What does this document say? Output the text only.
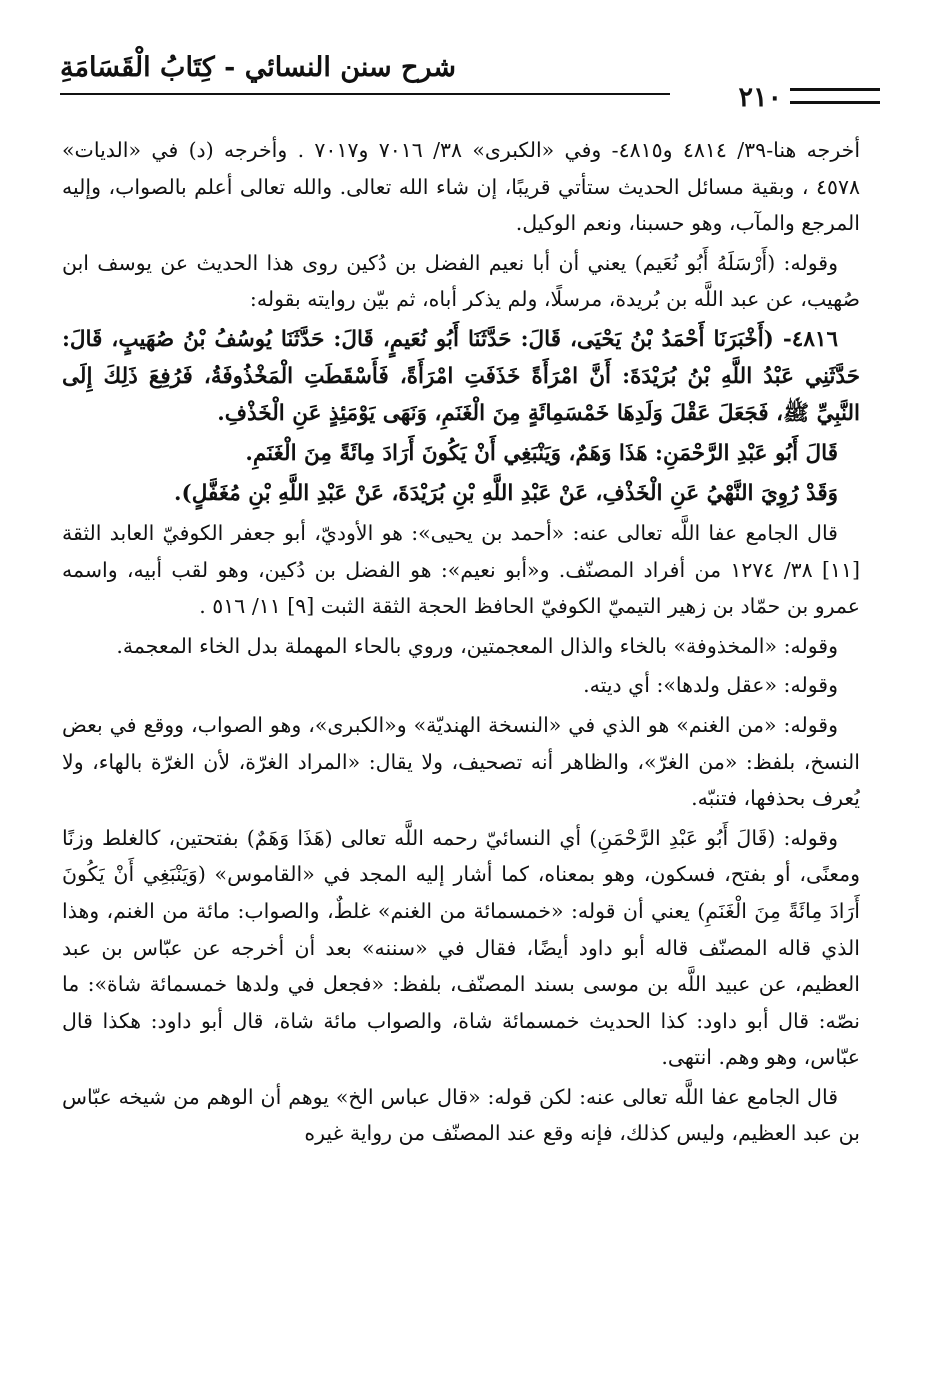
شرح سنن النسائي - كِتَابُ الْقَسَامَةِ
٢١٠

أخرجه هنا-٣٩/ ٤٨١٤ و٤٨١٥- وفي «الكبرى» ٣٨/ ٧٠١٦ و٧٠١٧ . وأخرجه (د) في «الديات» ٤٥٧٨ ، وبقية مسائل الحديث ستأتي قريبًا، إن شاء الله تعالى. والله تعالى أعلم بالصواب، وإليه المرجع والمآب، وهو حسبنا، ونعم الوكيل.

وقوله: (أَرْسَلَهُ أَبُو نُعَيم) يعني أن أبا نعيم الفضل بن دُكين روى هذا الحديث عن يوسف ابن صُهيب، عن عبد اللَّه بن بُريدة، مرسلًا، ولم يذكر أباه، ثم بيّن روايته بقوله:

٤٨١٦- (أَخْبَرَنَا أَحْمَدُ بْنُ يَحْيَى، قَالَ: حَدَّثَنَا أَبُو نُعَيمٍ، قَالَ: حَدَّثَنَا يُوسُفُ بْنُ صُهَيبٍ، قَالَ: حَدَّثَنِي عَبْدُ اللَّهِ بْنُ بُرَيْدَةَ: أَنَّ امْرَأَةً خَذَفَتِ امْرَأَةً، فَأَسْقَطَتِ الْمَخْذُوفَةُ، فَرُفِعَ ذَلِكَ إِلَى النَّبِيِّ ﷺ، فَجَعَلَ عَقْلَ وَلَدِهَا خَمْسَمِائَةٍ مِنَ الْغَنَمِ، وَنَهَى يَوْمَئِذٍ عَنِ الْخَذْفِ.

قَالَ أَبُو عَبْدِ الرَّحْمَنِ: هَذَا وَهَمٌ، وَيَنْبَغِي أَنْ يَكُونَ أَرَادَ مِائَةً مِنَ الْغَنَمِ.

وَقَدْ رُوِيَ النَّهْيُ عَنِ الْخَذْفِ، عَنْ عَبْدِ اللَّهِ بْنِ بُرَيْدَةَ، عَنْ عَبْدِ اللَّهِ بْنِ مُغَفَّلٍ).

قال الجامع عفا اللَّه تعالى عنه: «أحمد بن يحيى»: هو الأوديّ، أبو جعفر الكوفيّ العابد الثقة [١١] ٣٨/ ١٢٧٤ من أفراد المصنّف. و«أبو نعيم»: هو الفضل بن دُكين، وهو لقب أبيه، واسمه عمرو بن حمّاد بن زهير التيميّ الكوفيّ الحافظ الحجة الثقة الثبت [٩] ١١/ ٥١٦ .

وقوله: «المخذوفة» بالخاء والذال المعجمتين، وروي بالحاء المهملة بدل الخاء المعجمة.

وقوله: «عقل ولدها»: أي ديته.

وقوله: «من الغنم» هو الذي في «النسخة الهنديّة» و«الكبرى»، وهو الصواب، ووقع في بعض النسخ، بلفظ: «من الغرّ»، والظاهر أنه تصحيف، ولا يقال: «المراد الغرّة، لأن الغرّة بالهاء، ولا يُعرف بحذفها، فتنبّه.

وقوله: (قَالَ أَبُو عَبْدِ الرَّحْمَنِ) أي النسائيّ رحمه اللَّه تعالى (هَذَا وَهَمٌ) بفتحتين، كالغلط وزنًا ومعنًى، أو بفتح، فسكون، وهو بمعناه، كما أشار إليه المجد في «القاموس» (وَيَنْبَغِي أَنْ يَكُونَ أَرَادَ مِائَةً مِنَ الْغَنَمِ) يعني أن قوله: «خمسمائة من الغنم» غلطٌ، والصواب: مائة من الغنم، وهذا الذي قاله المصنّف قاله أبو داود أيضًا، فقال في «سننه» بعد أن أخرجه عن عبّاس بن عبد العظيم، عن عبيد اللَّه بن موسى بسند المصنّف، بلفظ: «فجعل في ولدها خمسمائة شاة»: ما نصّه: قال أبو داود: كذا الحديث خمسمائة شاة، والصواب مائة شاة، قال أبو داود: هكذا قال عبّاس، وهو وهم. انتهى.

قال الجامع عفا اللَّه تعالى عنه: لكن قوله: «قال عباس الخ» يوهم أن الوهم من شيخه عبّاس بن عبد العظيم، وليس كذلك، فإنه وقع عند المصنّف من رواية غيره
